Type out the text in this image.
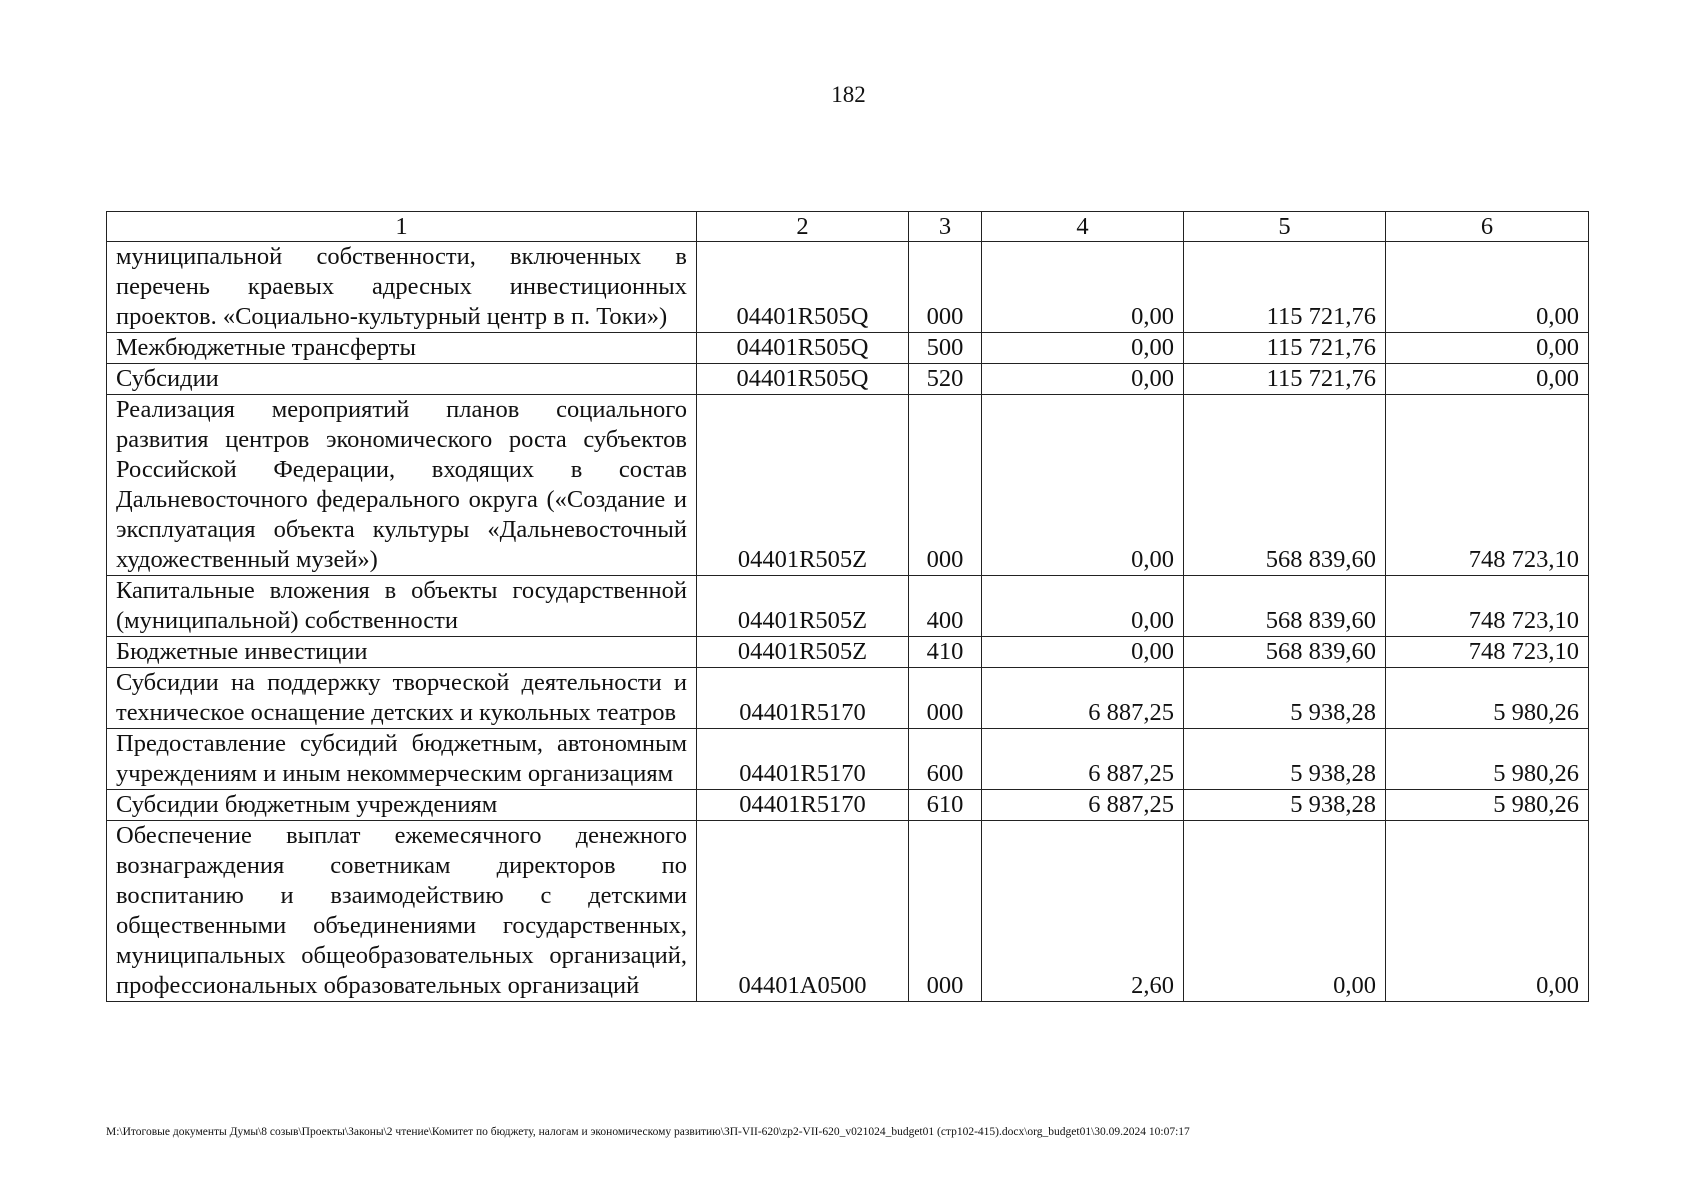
182
1	2	3	4	5	6
муниципальной собственности, включенных в перечень краевых адресных инвестиционных проектов. «Социально-культурный центр в п. Токи»)	04401R505Q	000	0,00	115 721,76	0,00
Межбюджетные трансферты	04401R505Q	500	0,00	115 721,76	0,00
Субсидии	04401R505Q	520	0,00	115 721,76	0,00
Реализация мероприятий планов социального развития центров экономического роста субъектов Российской Федерации, входящих в состав Дальневосточного федерального округа («Создание и эксплуатация объекта культуры «Дальневосточный художественный музей»)	04401R505Z	000	0,00	568 839,60	748 723,10
Капитальные вложения в объекты государственной (муниципальной) собственности	04401R505Z	400	0,00	568 839,60	748 723,10
Бюджетные инвестиции	04401R505Z	410	0,00	568 839,60	748 723,10
Субсидии на поддержку творческой деятельности и техническое оснащение детских и кукольных театров	04401R5170	000	6 887,25	5 938,28	5 980,26
Предоставление субсидий бюджетным, автономным учреждениям и иным некоммерческим организациям	04401R5170	600	6 887,25	5 938,28	5 980,26
Субсидии бюджетным учреждениям	04401R5170	610	6 887,25	5 938,28	5 980,26
Обеспечение выплат ежемесячного денежного вознаграждения советникам директоров по воспитанию и взаимодействию с детскими общественными объединениями государственных, муниципальных общеобразовательных организаций, профессиональных образовательных организаций	04401A0500	000	2,60	0,00	0,00
M:\Итоговые документы Думы\8 созыв\Проекты\Законы\2 чтение\Комитет по бюджету, налогам и экономическому развитию\ЗП-VII-620\zp2-VII-620_v021024_budget01 (стр102-415).docx\org_budget01\30.09.2024 10:07:17
